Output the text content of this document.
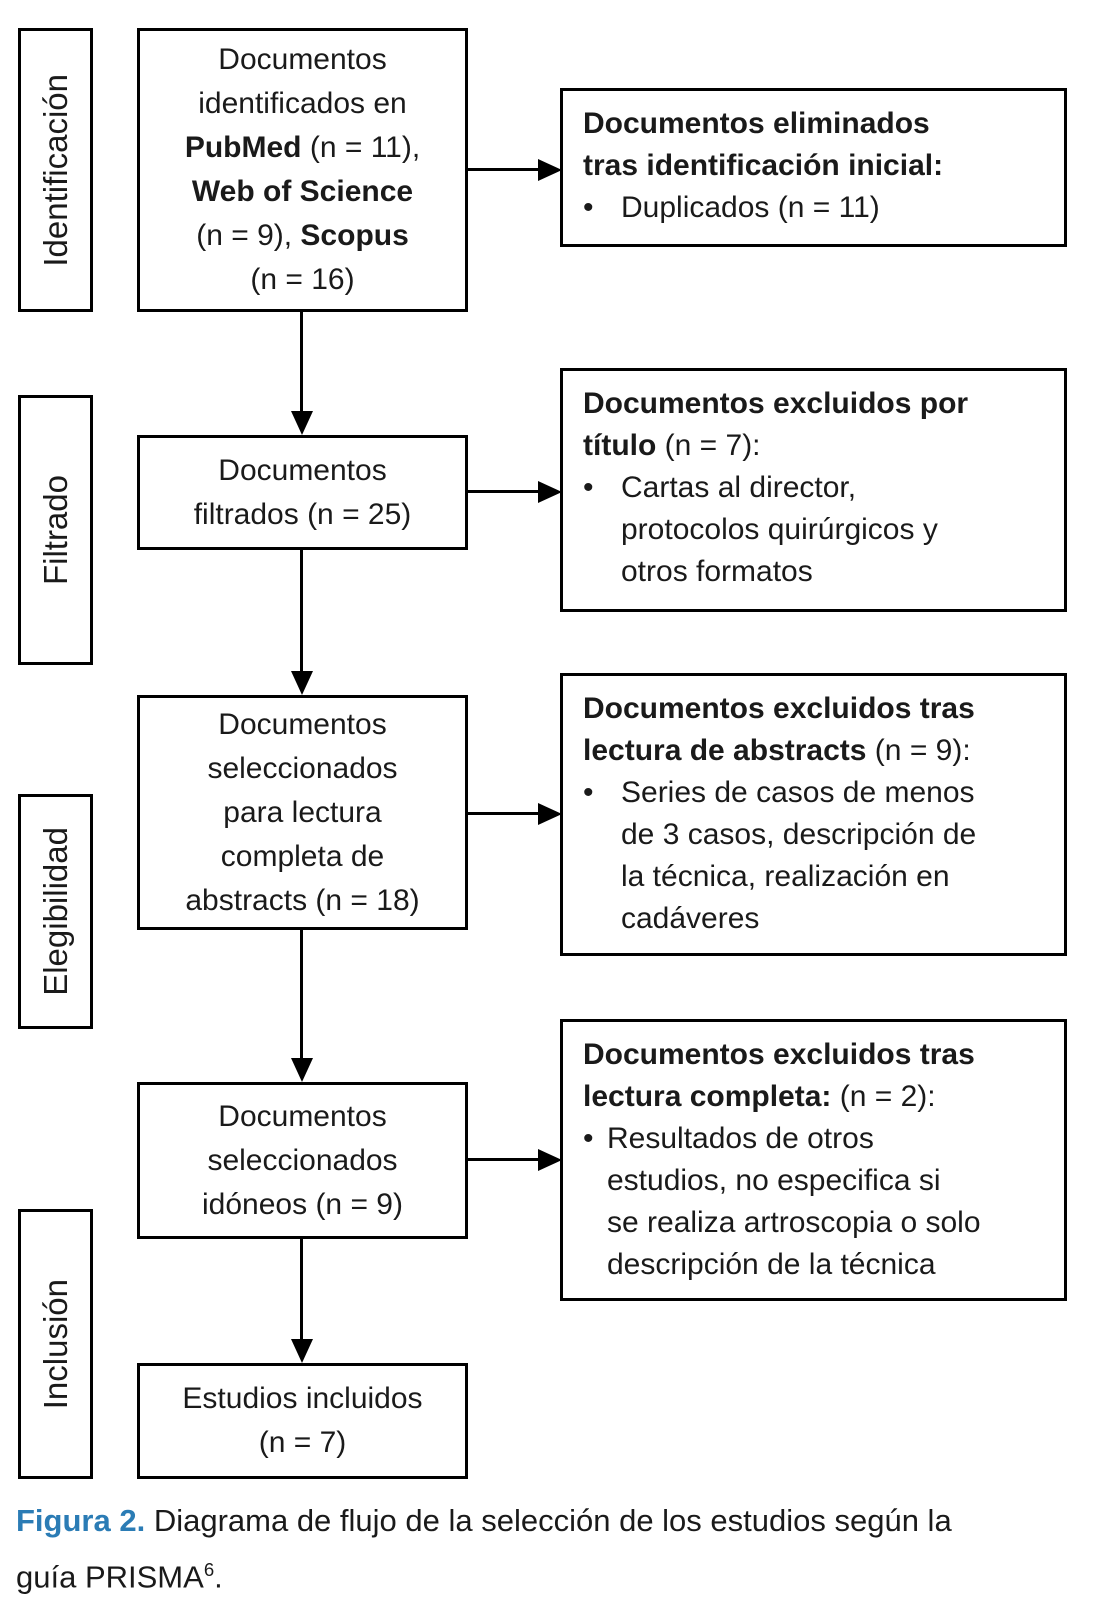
Identificación
Filtrado
Elegibilidad
Inclusión
Documentos
identificados en
PubMed (n = 11),
Web of Science
(n = 9), Scopus
(n = 16)
Documentos
filtrados (n = 25)
Documentos
seleccionados
para lectura
completa de
abstracts (n = 18)
Documentos
seleccionados
idóneos (n = 9)
Estudios incluidos
(n = 7)
Documentos eliminados
tras identificación inicial:
• Duplicados (n = 11)
Documentos excluidos por
título (n = 7):
• Cartas al director,
protocolos quirúrgicos y
otros formatos
Documentos excluidos tras
lectura de abstracts (n = 9):
• Series de casos de menos
de 3 casos, descripción de
la técnica, realización en
cadáveres
Documentos excluidos tras
lectura completa: (n = 2):
• Resultados de otros
estudios, no especifica si
se realiza artroscopia o solo
descripción de la técnica
Figura 2. Diagrama de flujo de la selección de los estudios según la
guía PRISMA$^6$.
